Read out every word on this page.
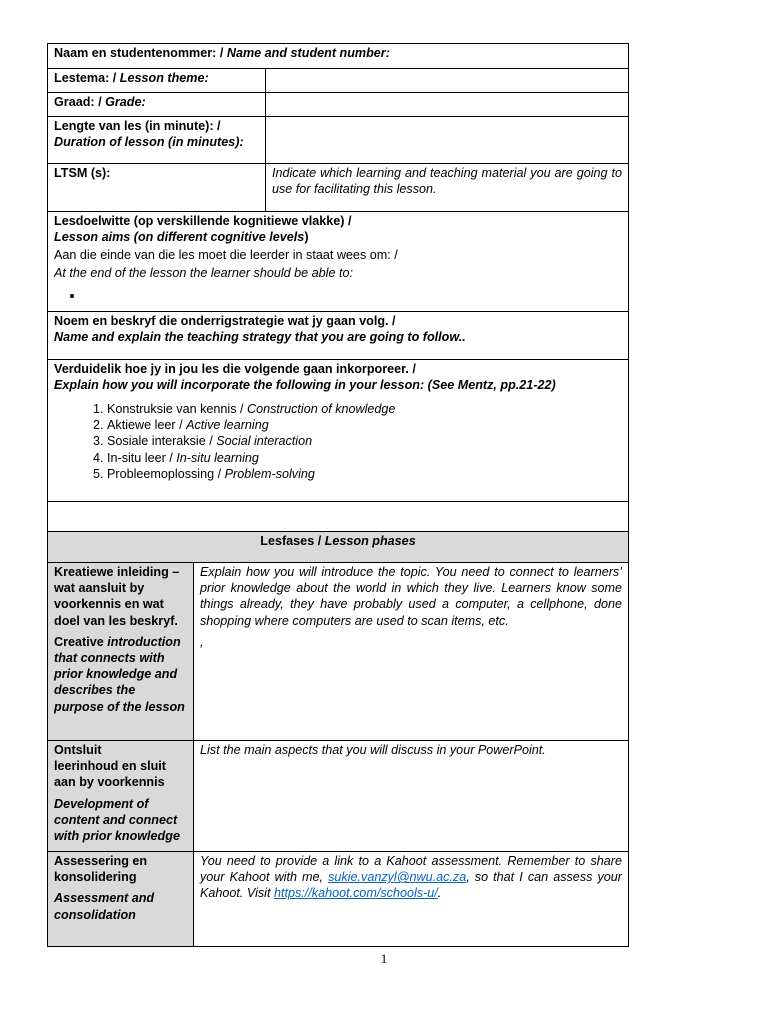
Naam en studentenommer: / Name and student number:
Lestema: / Lesson theme:
Graad: / Grade:
Lengte van les (in minute): /
Duration of lesson (in minutes):
LTSM (s):	Indicate which learning and teaching material you are going to use for facilitating this lesson.
Lesdoelwitte (op verskillende kognitiewe vlakke) /
Lesson aims (on different cognitive levels)
Aan die einde van die les moet die leerder in staat wees om: /
At the end of the lesson the learner should be able to:
•
Noem en beskryf die onderrigstrategie wat jy gaan volg. /
Name and explain the teaching strategy that you are going to follow..
Verduidelik hoe jy in jou les die volgende gaan inkorporeer. /
Explain how you will incorporate the following in your lesson: (See Mentz, pp.21-22)
1. Konstruksie van kennis / Construction of knowledge
2. Aktiewe leer / Active learning
3. Sosiale interaksie / Social interaction
4. In-situ leer / In-situ learning
5. Probleemoplossing / Problem-solving
Lesfases / Lesson phases
Kreatiewe inleiding – wat aansluit by voorkennis en wat doel van les beskryf.
Creative introduction that connects with prior knowledge and describes the purpose of the lesson
Explain how you will introduce the topic. You need to connect to learners’ prior knowledge about the world in which they live. Learners know some things already, they have probably used a computer, a cellphone, done shopping where computers are used to scan items, etc.
,
Ontsluit
leerinhoud en sluit aan by voorkennis
Development of content and connect with prior knowledge
List the main aspects that you will discuss in your PowerPoint.
Assessering en konsolidering
Assessment and consolidation
You need to provide a link to a Kahoot assessment. Remember to share your Kahoot with me, sukie.vanzyl@nwu.ac.za, so that I can assess your Kahoot. Visit https://kahoot.com/schools-u/.
1
